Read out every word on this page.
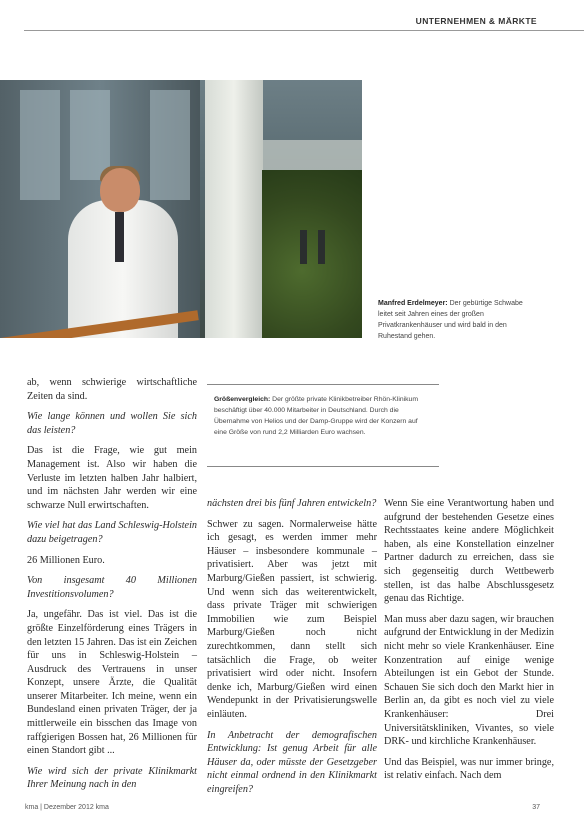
UNTERNEHMEN & MÄRKTE
Manfred Erdelmeyer: Der gebürtige Schwabe leitet seit Jahren eines der großen Privatkrankenhäuser und wird bald in den Ruhestand gehen.
Größenvergleich: Der größte private Klinikbetreiber Rhön-Klinikum beschäftigt über 40.000 Mitarbeiter in Deutschland. Durch die Übernahme von Helios und der Damp-Gruppe wird der Konzern auf eine Größe von rund 2,2 Milliarden Euro wachsen.

ab, wenn schwierige wirtschaftliche Zeiten da sind.

Wie lange können und wollen Sie sich das leisten?

Das ist die Frage, wie gut mein Management ist. Also wir haben die Verluste im letzten halben Jahr halbiert, und im nächsten Jahr werden wir eine schwarze Null erwirtschaften.

Wie viel hat das Land Schleswig-Holstein dazu beigetragen?

26 Millionen Euro.

Von insgesamt 40 Millionen Investitionsvolumen?

Ja, ungefähr. Das ist viel. Das ist die größte Einzelförderung eines Trägers in den letzten 15 Jahren. Das ist ein Zeichen für uns in Schleswig-Holstein – Ausdruck des Vertrauens in unser Konzept, unsere Ärzte, die Qualität unserer Mitarbeiter. Ich meine, wenn ein Bundesland einen privaten Träger, der ja mittlerweile ein bisschen das Image von raffgierigen Bossen hat, 26 Millionen für einen Standort gibt ...

Wie wird sich der private Klinikmarkt Ihrer Meinung nach in den

nächsten drei bis fünf Jahren entwickeln?

Schwer zu sagen. Normalerweise hätte ich gesagt, es werden immer mehr Häuser – insbesondere kommunale – privatisiert. Aber was jetzt mit Marburg/Gießen passiert, ist schwierig. Und wenn sich das weiterentwickelt, dass private Träger mit schwierigen Immobilien wie zum Beispiel Marburg/Gießen noch nicht zurechtkommen, dann stellt sich tatsächlich die Frage, ob weiter privatisiert wird oder nicht. Insofern denke ich, Marburg/Gießen wird einen Wendepunkt in der Privatisierungswelle einläuten.

In Anbetracht der demografischen Entwicklung: Ist genug Arbeit für alle Häuser da, oder müsste der Gesetzgeber nicht einmal ordnend in den Klinikmarkt eingreifen?

Wenn Sie eine Verantwortung haben und aufgrund der bestehenden Gesetze eines Rechtsstaates keine andere Möglichkeit haben, als eine Konstellation einzelner Partner dadurch zu erreichen, dass sie sich gegenseitig durch Wettbewerb stellen, ist das halbe Abschlussgesetz genau das Richtige.

Man muss aber dazu sagen, wir brauchen aufgrund der Entwicklung in der Medizin nicht mehr so viele Krankenhäuser. Eine Konzentration auf einige wenige Abteilungen ist ein Gebot der Stunde. Schauen Sie sich doch den Markt hier in Berlin an, da gibt es noch viel zu viele Krankenhäuser: Drei Universitätskliniken, Vivantes, so viele DRK- und kirchliche Krankenhäuser.

Und das Beispiel, was nur immer bringe, ist relativ einfach. Nach dem

kma | Dezember 2012 kma	37
